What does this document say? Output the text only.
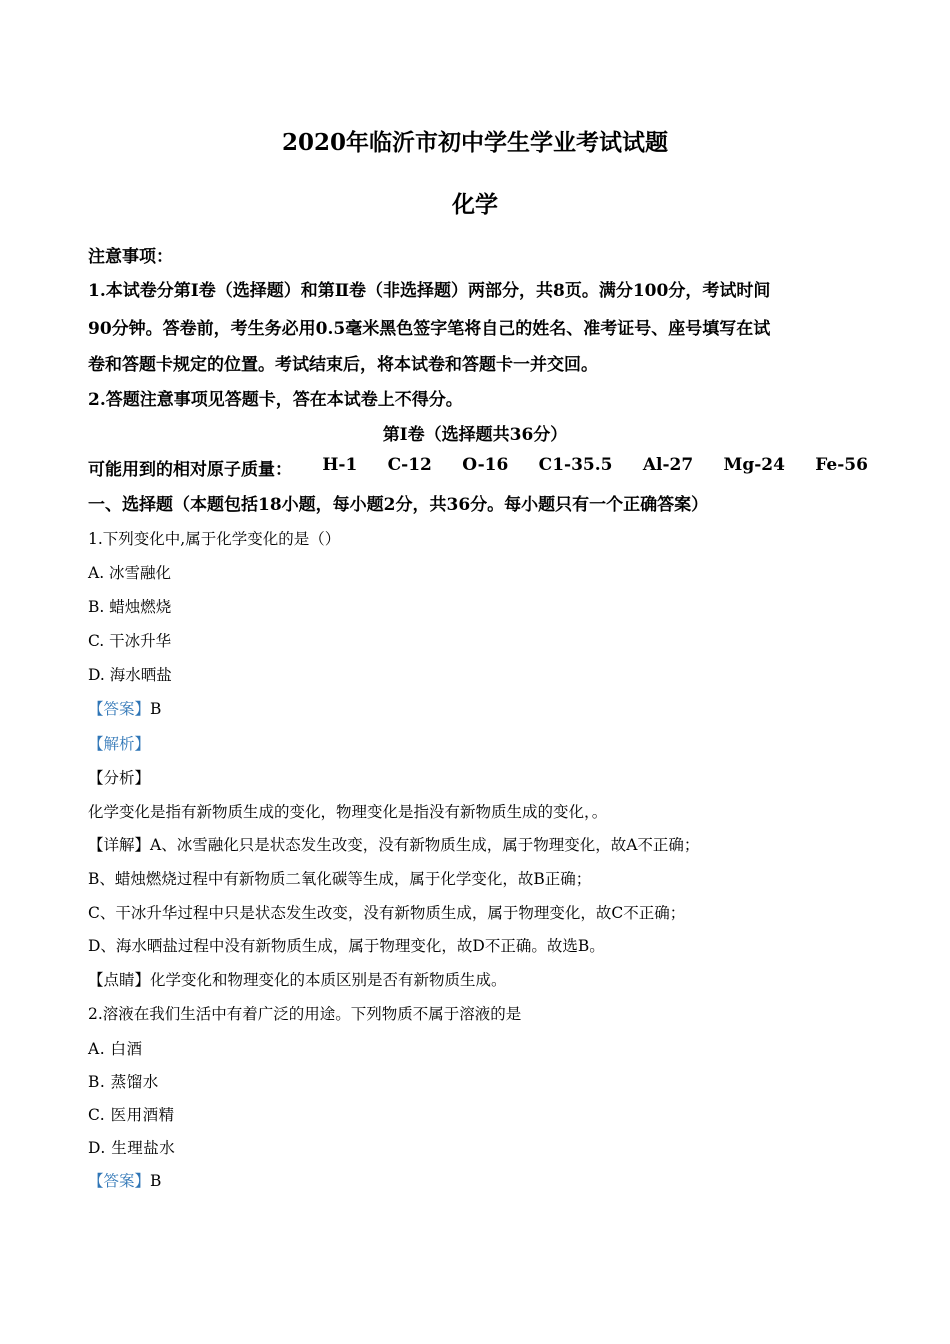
2020年临沂市初中学生学业考试试题
化学
注意事项：
1.本试卷分第Ⅰ卷（选择题）和第Ⅱ卷（非选择题）两部分，共8页。满分100分，考试时间
90分钟。答卷前，考生务必用0.5毫米黑色签字笔将自己的姓名、准考证号、座号填写在试
卷和答题卡规定的位置。考试结束后，将本试卷和答题卡一并交回。
2.答题注意事项见答题卡，答在本试卷上不得分。
第Ⅰ卷（选择题共36分）
可能用到的相对原子质量： H-1 C-12 O-16 C1-35.5 Al-27 Mg-24 Fe-56
一、选择题（本题包括18小题，每小题2分，共36分。每小题只有一个正确答案）
1.下列变化中,属于化学变化的是（）
A. 冰雪融化
B. 蜡烛燃烧
C. 干冰升华
D. 海水晒盐
【答案】B
【解析】
【分析】
化学变化是指有新物质生成的变化，物理变化是指没有新物质生成的变化，。
【详解】A、冰雪融化只是状态发生改变，没有新物质生成，属于物理变化，故A不正确；
B、蜡烛燃烧过程中有新物质二氧化碳等生成，属于化学变化，故B正确；
C、干冰升华过程中只是状态发生改变，没有新物质生成，属于物理变化，故C不正确；
D、海水晒盐过程中没有新物质生成，属于物理变化，故D不正确。故选B。
【点睛】化学变化和物理变化的本质区别是否有新物质生成。
2.溶液在我们生活中有着广泛的用途。下列物质不属于溶液的是
A. 白酒
B. 蒸馏水
C. 医用酒精
D. 生理盐水
【答案】B
